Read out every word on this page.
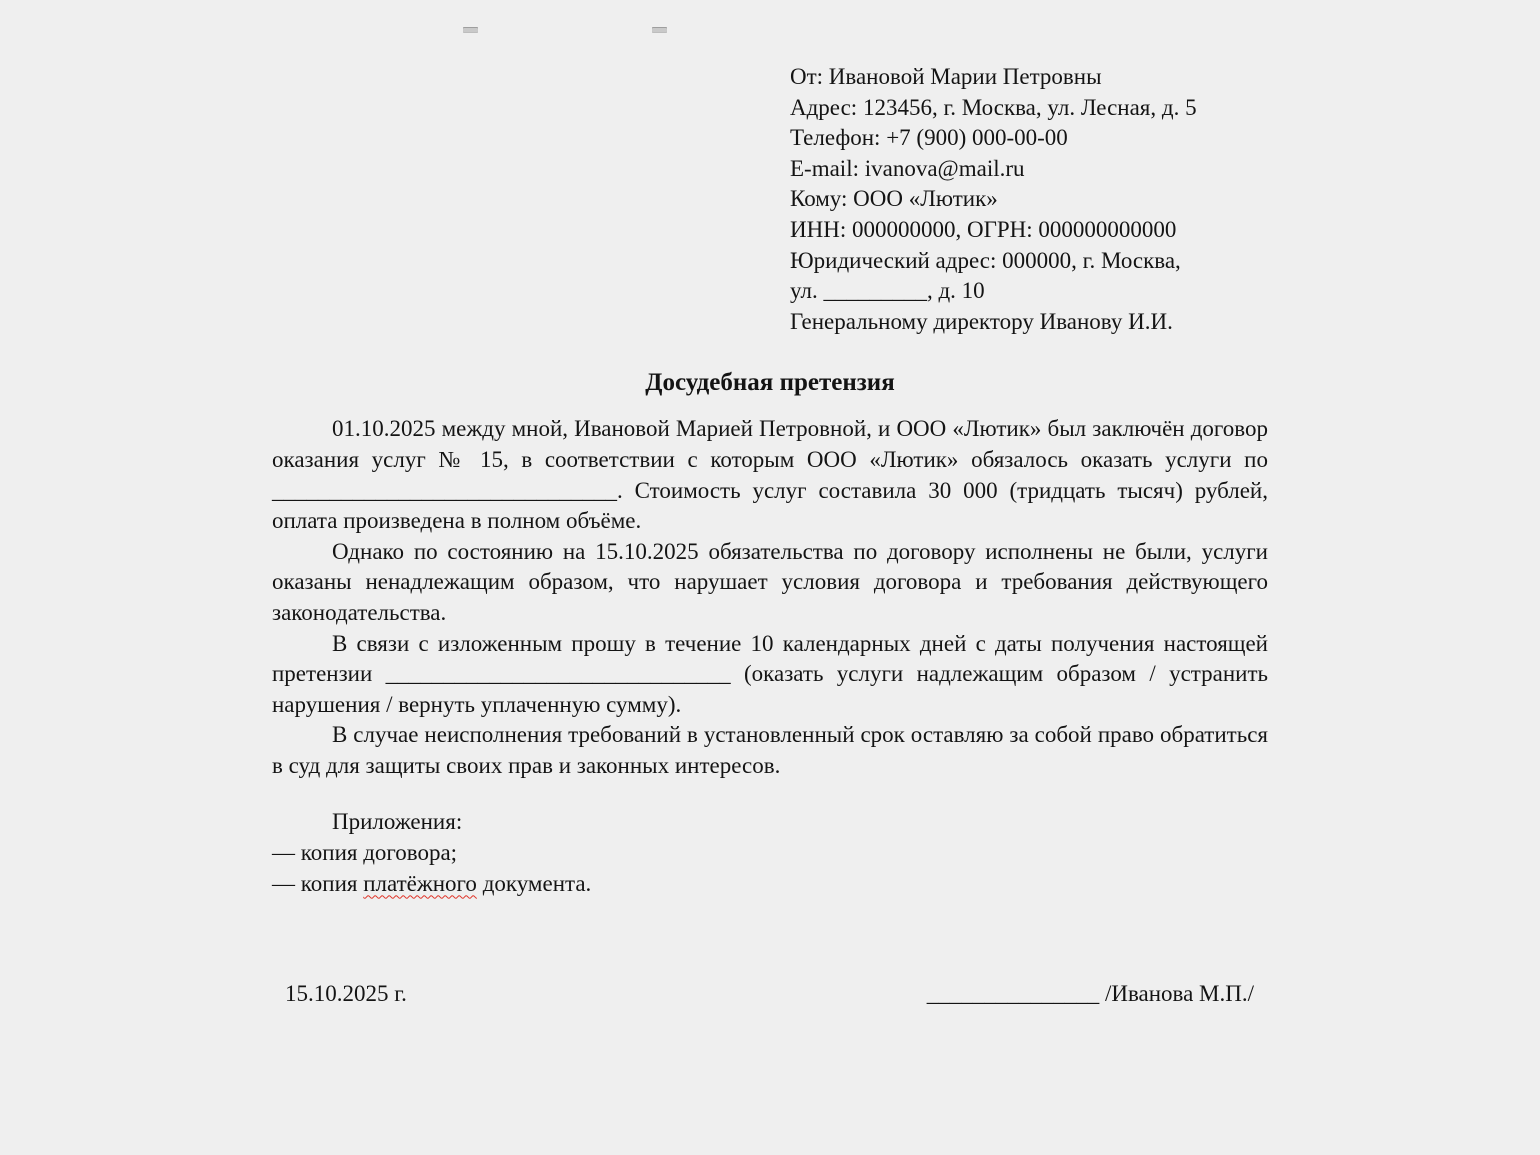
От: Ивановой Марии Петровны
Адрес: 123456, г. Москва, ул. Лесная, д. 5
Телефон: +7 (900) 000-00-00
E-mail: ivanova@mail.ru
Кому: ООО «Лютик»
ИНН: 000000000, ОГРН: 000000000000
Юридический адрес: 000000, г. Москва,
ул. _________, д. 10
Генеральному директору Иванову И.И.
Досудебная претензия

01.10.2025 между мной, Ивановой Марией Петровной, и ООО «Лютик» был заключён договор оказания услуг № 15, в соответствии с которым ООО «Лютик» обязалось оказать услуги по ______________________________. Стоимость услуг составила 30 000 (тридцать тысяч) рублей, оплата произведена в полном объёме.

Однако по состоянию на 15.10.2025 обязательства по договору исполнены не были, услуги оказаны ненадлежащим образом, что нарушает условия договора и требования действующего законодательства.

В связи с изложенным прошу в течение 10 календарных дней с даты получения настоящей претензии ______________________________ (оказать услуги надлежащим образом / устранить нарушения / вернуть уплаченную сумму).

В случае неисполнения требований в установленный срок оставляю за собой право обратиться в суд для защиты своих прав и законных интересов.

Приложения:
— копия договора;
— копия платёжного документа.
15.10.2025 г.	_______________ /Иванова М.П./
